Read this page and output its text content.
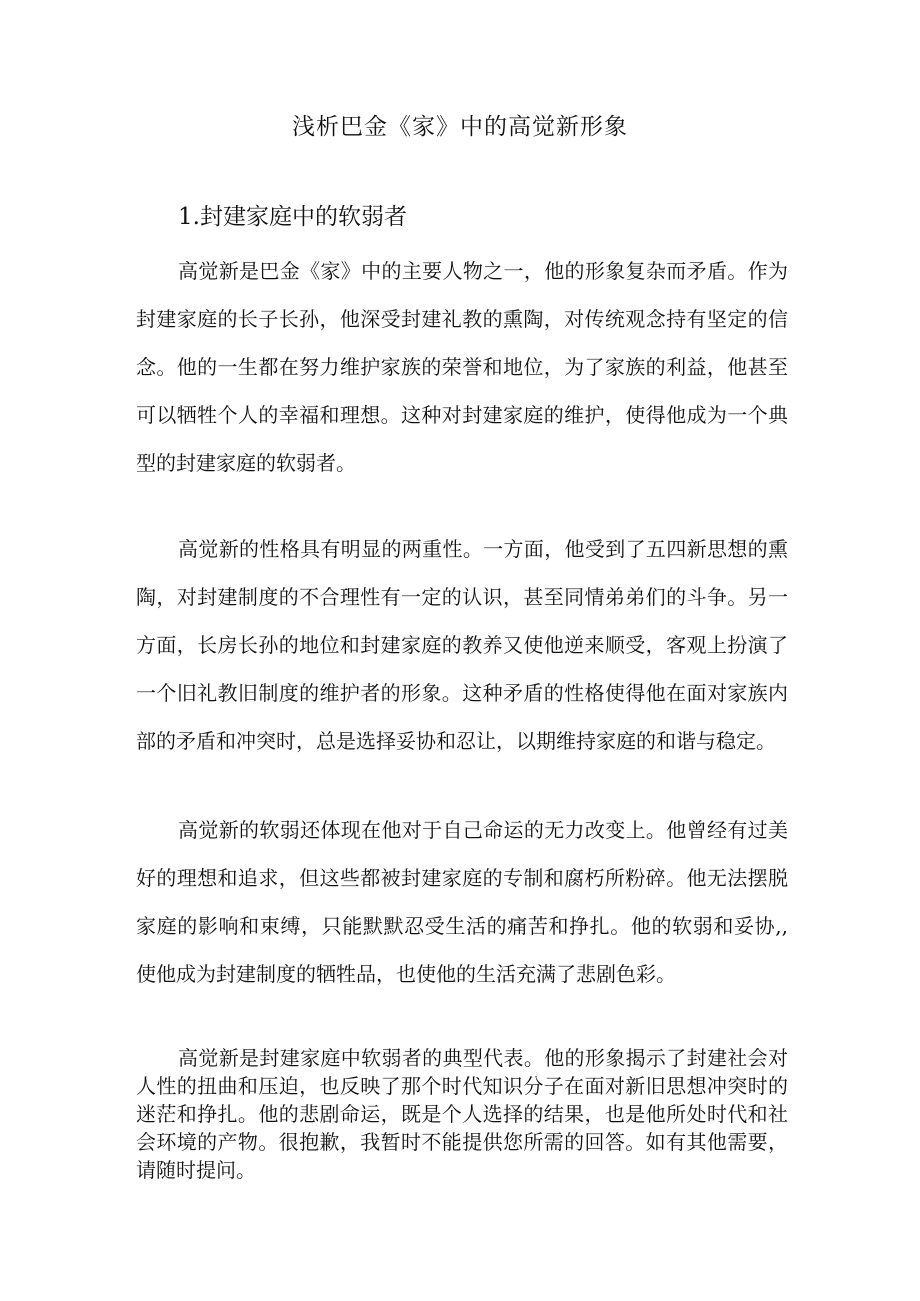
浅析巴金《家》中的高觉新形象
1.封建家庭中的软弱者

高觉新是巴金《家》中的主要人物之一，他的形象复杂而矛盾。作为封建家庭的长子长孙，他深受封建礼教的熏陶，对传统观念持有坚定的信念。他的一生都在努力维护家族的荣誉和地位，为了家族的利益，他甚至可以牺牲个人的幸福和理想。这种对封建家庭的维护，使得他成为一个典型的封建家庭的软弱者。

高觉新的性格具有明显的两重性。一方面，他受到了五四新思想的熏陶，对封建制度的不合理性有一定的认识，甚至同情弟弟们的斗争。另一方面，长房长孙的地位和封建家庭的教养又使他逆来顺受，客观上扮演了一个旧礼教旧制度的维护者的形象。这种矛盾的性格使得他在面对家族内部的矛盾和冲突时，总是选择妥协和忍让，以期维持家庭的和谐与稳定。

高觉新的软弱还体现在他对于自己命运的无力改变上。他曾经有过美好的理想和追求，但这些都被封建家庭的专制和腐朽所粉碎。他无法摆脱家庭的影响和束缚，只能默默忍受生活的痛苦和挣扎。他的软弱和妥协,,使他成为封建制度的牺牲品，也使他的生活充满了悲剧色彩。

高觉新是封建家庭中软弱者的典型代表。他的形象揭示了封建社会对人性的扭曲和压迫，也反映了那个时代知识分子在面对新旧思想冲突时的迷茫和挣扎。他的悲剧命运，既是个人选择的结果，也是他所处时代和社会环境的产物。很抱歉，我暂时不能提供您所需的回答。如有其他需要，请随时提问。
